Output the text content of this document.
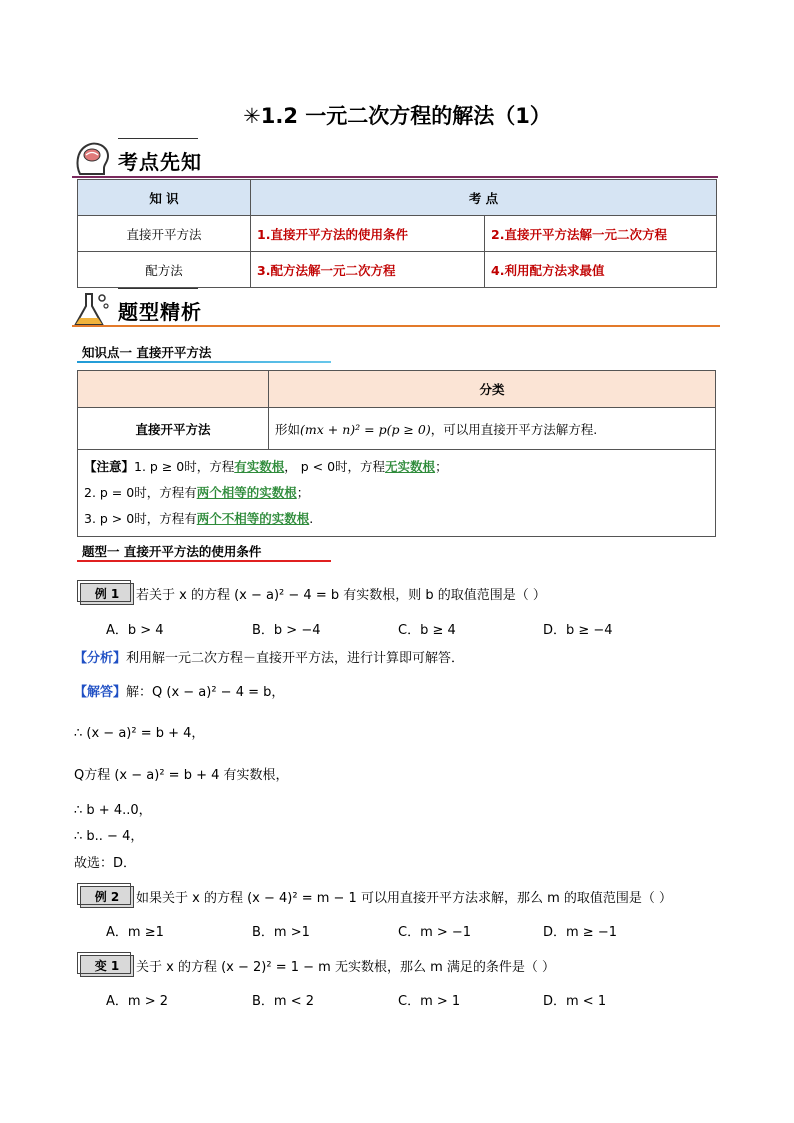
✳1.2 一元二次方程的解法（1）
考点先知
知 识	考 点	
直接开平方法	1.直接开平方法的使用条件	2.直接开平方法解一元二次方程
配方法	3.配方法解一元二次方程	4.利用配方法求最值
题型精析
知识点一 直接开平方法
	分类
直接开平方法	形如(mx + n)² = p(p ≥ 0)，可以用直接开平方法解方程.

【注意】1. p ≥ 0时，方程有实数根， p < 0时，方程无实数根；
2. p = 0时，方程有两个相等的实数根；
3. p > 0时，方程有两个不相等的实数根.	
题型一 直接开平方法的使用条件
例 1	若关于 x 的方程 (x − a)² − 4 = b 有实数根，则 b 的取值范围是（ ）
A．b > 4	B．b > −4	C．b ≥ 4	D．b ≥ −4
【分析】利用解一元二次方程－直接开平方法，进行计算即可解答．
【解答】解：Q (x − a)² − 4 = b，
∴ (x − a)² = b + 4，
Q方程 (x − a)² = b + 4 有实数根，
∴ b + 4..0，
∴ b.. − 4，
故选：D．
例 2	如果关于 x 的方程 (x − 4)² = m − 1 可以用直接开平方法求解，那么 m 的取值范围是（ ）
A．m ≥1	B．m >1	C．m > −1	D．m ≥ −1
变 1	关于 x 的方程 (x − 2)² = 1 − m 无实数根，那么 m 满足的条件是（ ）
A．m > 2	B．m < 2	C．m > 1	D．m < 1
